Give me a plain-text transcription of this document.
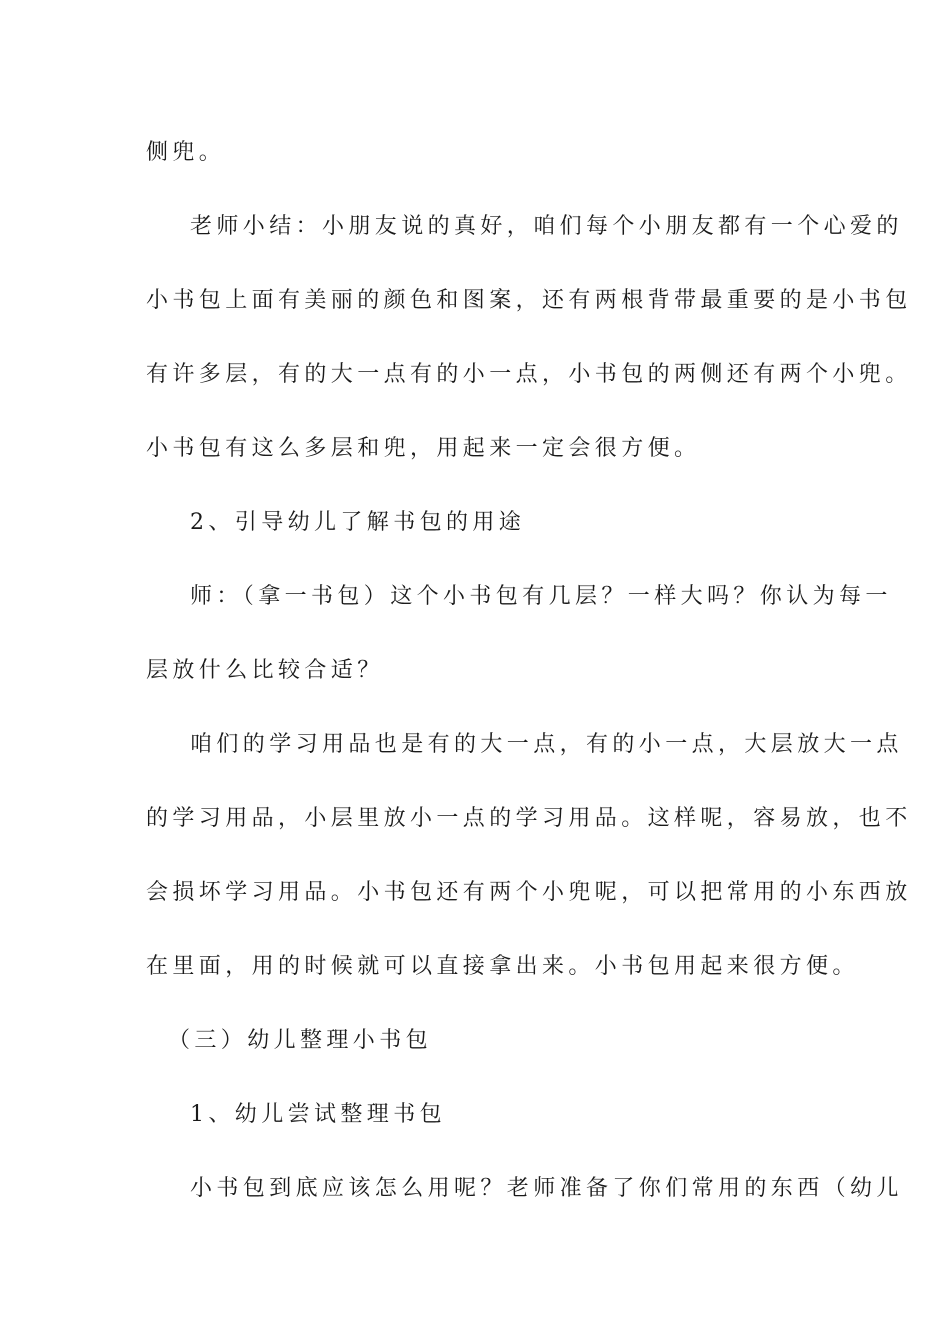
侧兜。
老师小结：小朋友说的真好，咱们每个小朋友都有一个心爱的
小书包上面有美丽的颜色和图案，还有两根背带最重要的是小书包
有许多层，有的大一点有的小一点，小书包的两侧还有两个小兜。
小书包有这么多层和兜，用起来一定会很方便。
2、引导幼儿了解书包的用途
师：（拿一书包）这个小书包有几层？一样大吗？你认为每一
层放什么比较合适？
咱们的学习用品也是有的大一点，有的小一点，大层放大一点
的学习用品，小层里放小一点的学习用品。这样呢，容易放，也不
会损坏学习用品。小书包还有两个小兜呢，可以把常用的小东西放
在里面，用的时候就可以直接拿出来。小书包用起来很方便。
（三）幼儿整理小书包
1、幼儿尝试整理书包
小书包到底应该怎么用呢？老师准备了你们常用的东西（幼儿
